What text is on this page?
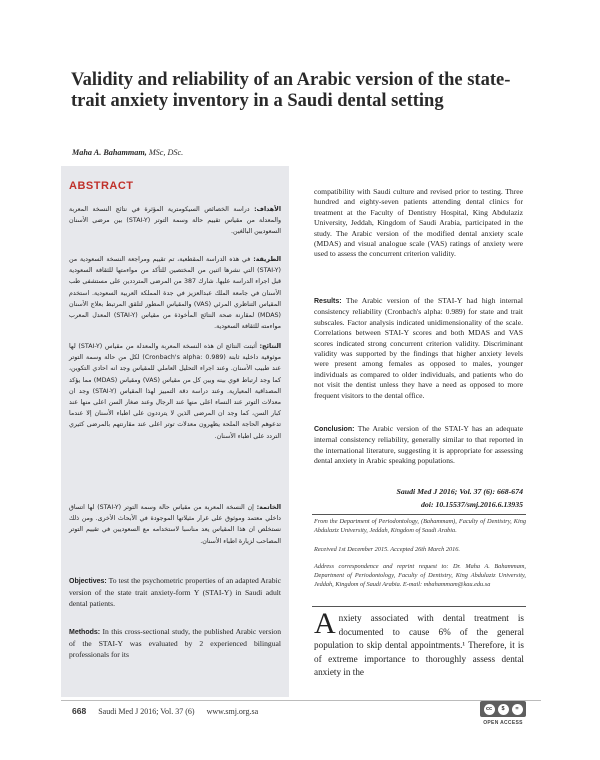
Validity and reliability of an Arabic version of the state-trait anxiety inventory in a Saudi dental setting
Maha A. Bahammam, MSc, DSc.
ABSTRACT

الأهداف: دراسة الخصائص السيكومترية المؤثرة في نتائج النسخة المعربة والمعدلة من مقياس تقييم حالة وسمة التوتر (STAI-Y) بين مرضى الأسنان السعوديين البالغين.

الطريقة: في هذه الدراسة المقطعية، تم تقييم ومراجعة النسخة السعودية من (STAI-Y) التي نشرها اثنين من المختصين للتأكد من مواءمتها للثقافة السعودية قبل اجراء الدراسة عليها. شارك 387 من المرضى المترددين على مستشفى طب الأسنان في جامعة الملك عبدالعزيز في جدة المملكة العربية السعودية. استخدم المقياس التناظري المرئي (VAS) والمقياس المطور لتلقق المرتبط بعلاج الأسنان (MDAS) لمقارنة صحة النتائج المأخوذة من مقياس (STAI-Y) المعدل المعرب مواءمته للثقافة السعودية.

النتائج: أثبتت النتائج ان هذه النسخة المعربة والمعدلة من مقياس (STAI-Y) لها موثوقية داخلية ثابتة (Cronbach's alpha: 0.989) لكل من حالة وسمة التوتر عند طبيب الأسنان. وعند اجراء التحليل العاملي للمقياس وجد انه احادي التكوين، كما وجد ارتباط قوي بينه وبين كل من مقياس (VAS) ومقياس (MDAS) مما يؤكد المصداقية المعيارية. وعند دراسة دقة التمييز لهذا المقياس (STAI-Y) وجد ان معدلات التوتر عند النساء اعلى منها عند الرجال وعند صغار السن اعلى منها عند كبار السن، كما وجد ان المرضى الذين لا يترددون على اطباء الأسنان إلا عندما تدعوهم الحاجة الملحة يظهرون معدلات توتر اعلى عند مقارنتهم بالمرضى كثيري التردد على اطباء الأسنان.

الخاتمة: إن النسخة المعربة من مقياس حالة وسمة التوتر (STAI-Y) لها اتساق داخلي معتمد وموثوق على غرار مثيلاتها الموجودة في الأبحاث الأخرى. ومن ذلك نستخلص ان هذا المقياس يعد مناسبا لاستخدامه مع السعوديين في تقييم التوتر المصاحب لزيارة اطباء الأسنان.

Objectives: To test the psychometric properties of an adapted Arabic version of the state trait anxiety-form Y (STAI-Y) in Saudi adult dental patients.

Methods: In this cross-sectional study, the published Arabic version of the STAI-Y was evaluated by 2 experienced bilingual professionals for its

compatibility with Saudi culture and revised prior to testing. Three hundred and eighty-seven patients attending dental clinics for treatment at the Faculty of Dentistry Hospital, King Abdulaziz University, Jeddah, Kingdom of Saudi Arabia, participated in the study. The Arabic version of the modified dental anxiety scale (MDAS) and visual analogue scale (VAS) ratings of anxiety were used to assess the concurrent criterion validity.

Results: The Arabic version of the STAI-Y had high internal consistency reliability (Cronbach's alpha: 0.989) for state and trait subscales. Factor analysis indicated unidimensionality of the scale. Correlations between STAI-Y scores and both MDAS and VAS scores indicated strong concurrent criterion validity. Discriminant validity was supported by the findings that higher anxiety levels were present among females as opposed to males, younger individuals as compared to older individuals, and patients who do not visit the dentist unless they have a need as opposed to more frequent visitors to the dental office.

Conclusion: The Arabic version of the STAI-Y has an adequate internal consistency reliability, generally similar to that reported in the international literature, suggesting it is appropriate for assessing dental anxiety in Arabic speaking populations.

Saudi Med J 2016; Vol. 37 (6): 668-674
doi: 10.15537/smj.2016.6.13935

From the Department of Periodontology, (Bahammam), Faculty of Dentistry, King Abdulaziz University, Jeddah, Kingdom of Saudi Arabia.

Received 1st December 2015. Accepted 26th March 2016.

Address correspondence and reprint request to: Dr. Maha A. Bahammam, Department of Periodontology, Faculty of Dentistry, King Abdulaziz University, Jeddah, Kingdom of Saudi Arabia. E-mail: mbahammam@kau.edu.sa

Anxiety associated with dental treatment is documented to cause 6% of the general population to skip dental appointments.¹ Therefore, it is of extreme importance to thoroughly assess dental anxiety in the

668 Saudi Med J 2016; Vol. 37 (6) www.smj.org.sa	cc	$	=
OPEN ACCESS
